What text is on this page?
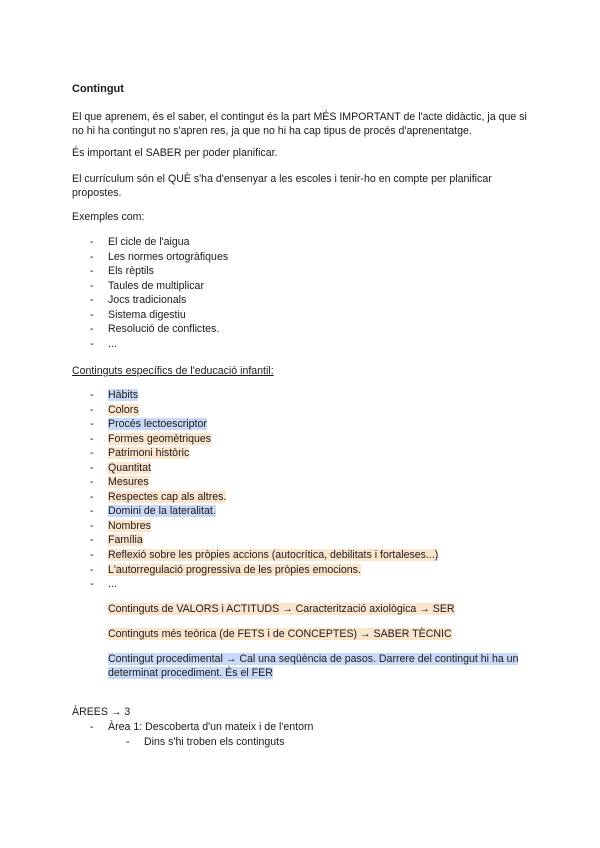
Contingut

El que aprenem, és el saber, el contingut és la part MÉS IMPORTANT de l'acte didàctic, ja que si no hi ha contingut no s'apren res, ja que no hi ha cap tipus de procés d'aprenentatge.

És important el SABER per poder planificar.

El currículum són el QUÈ s'ha d'ensenyar a les escoles i tenir-ho en compte per planificar propostes.

Exemples com:
- El cicle de l'aigua
- Les normes ortogràfiques
- Els rèptils
- Taules de multiplicar
- Jocs tradicionals
- Sistema digestiu
- Resolució de conflictes.
- ...
Continguts específics de l'educació infantil:
- Hàbits
- Colors
- Procés lectoescriptor
- Formes geomètriques
- Patrimoni històric
- Quantitat
- Mesures
- Respectes cap als altres.
- Domini de la lateralitat.
- Nombres
- Família
- Reflexió sobre les pròpies accions (autocrítica, debilitats i fortaleses...)
- L'autorregulació progressiva de les pròpies emocions.
- ...
Continguts de VALORS i ACTITUDS → Caracterització axiològica → SER
Continguts més teòrica (de FETS i de CONCEPTES) → SABER TÈCNIC
Contingut procedimental → Cal una seqüència de pasos. Darrere del contingut hi ha un determinat procediment. És el FER
ÀREES → 3
- Àrea 1: Descoberta d'un mateix i de l'entorn
- Dins s'hi troben els continguts
